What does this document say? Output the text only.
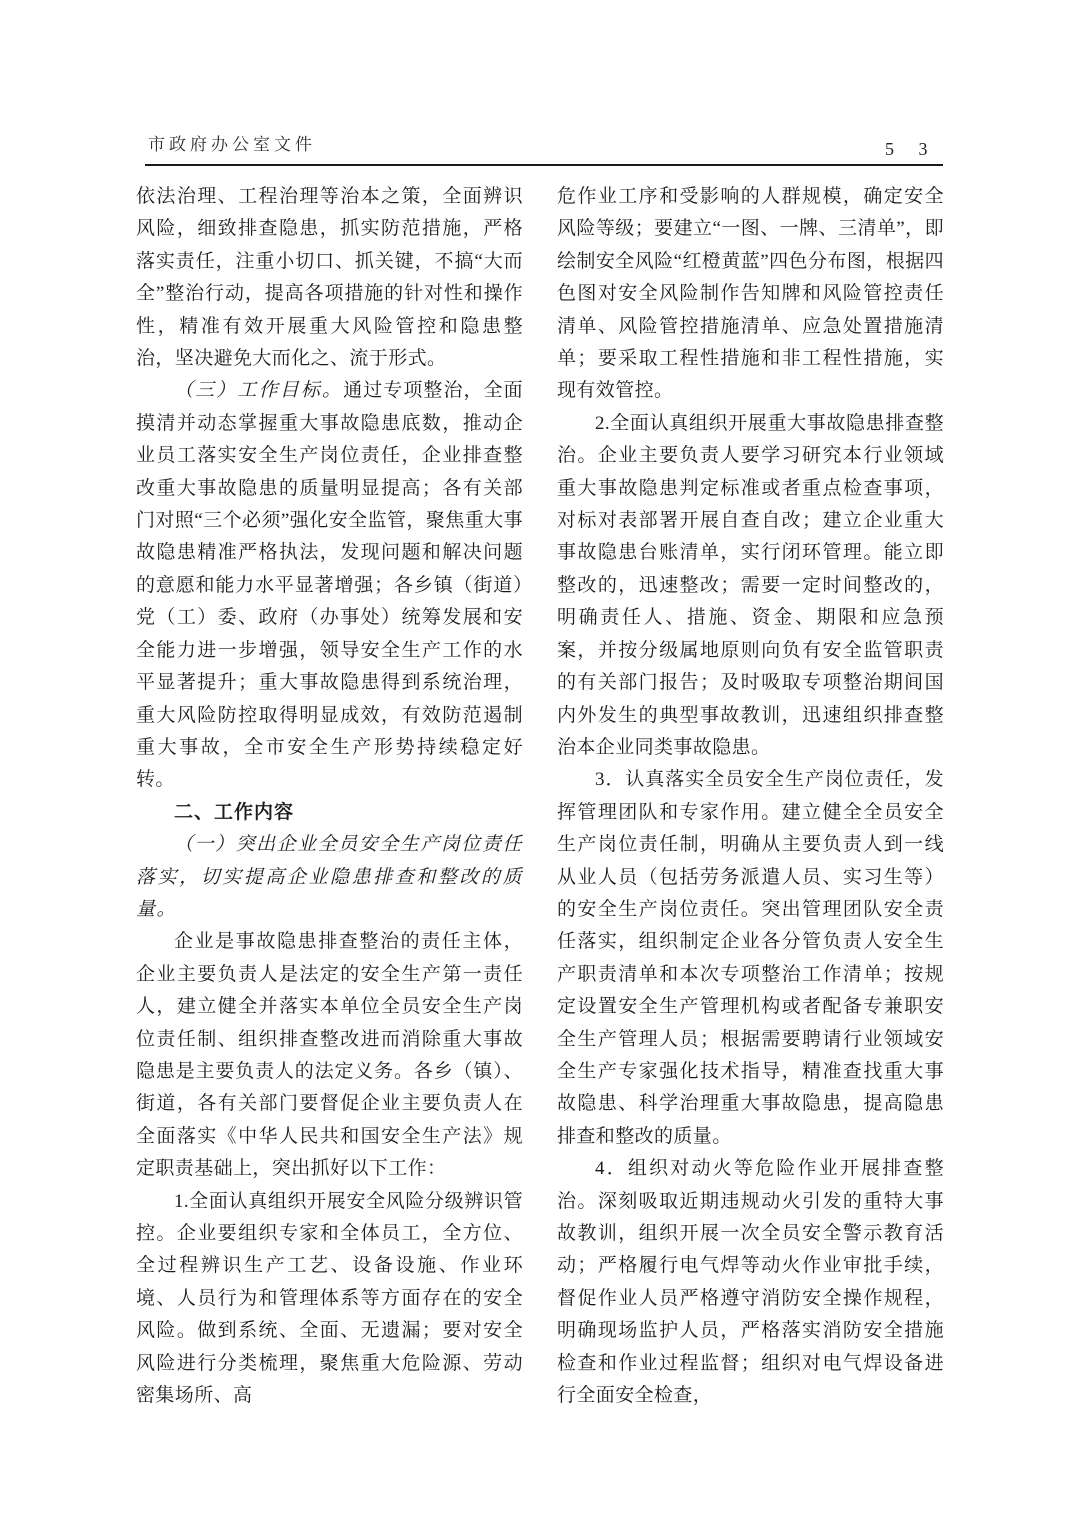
市政府办公室文件	5 3

依法治理、工程治理等治本之策，全面辨识风险，细致排查隐患，抓实防范措施，严格落实责任，注重小切口、抓关键，不搞“大而全”整治行动，提高各项措施的针对性和操作性，精准有效开展重大风险管控和隐患整治，坚决避免大而化之、流于形式。

（三）工作目标。通过专项整治，全面摸清并动态掌握重大事故隐患底数，推动企业员工落实安全生产岗位责任，企业排查整改重大事故隐患的质量明显提高；各有关部门对照“三个必须”强化安全监管，聚焦重大事故隐患精准严格执法，发现问题和解决问题的意愿和能力水平显著增强；各乡镇（街道）党（工）委、政府（办事处）统筹发展和安全能力进一步增强，领导安全生产工作的水平显著提升；重大事故隐患得到系统治理，重大风险防控取得明显成效，有效防范遏制重大事故，全市安全生产形势持续稳定好转。

二、工作内容

（一）突出企业全员安全生产岗位责任落实，切实提高企业隐患排查和整改的质量。

企业是事故隐患排查整治的责任主体，企业主要负责人是法定的安全生产第一责任人，建立健全并落实本单位全员安全生产岗位责任制、组织排查整改进而消除重大事故隐患是主要负责人的法定义务。各乡（镇）、街道，各有关部门要督促企业主要负责人在全面落实《中华人民共和国安全生产法》规定职责基础上，突出抓好以下工作：

1.全面认真组织开展安全风险分级辨识管控。企业要组织专家和全体员工，全方位、全过程辨识生产工艺、设备设施、作业环境、人员行为和管理体系等方面存在的安全风险。做到系统、全面、无遗漏；要对安全风险进行分类梳理，聚焦重大危险源、劳动密集场所、高

危作业工序和受影响的人群规模，确定安全风险等级；要建立“一图、一牌、三清单”，即绘制安全风险“红橙黄蓝”四色分布图，根据四色图对安全风险制作告知牌和风险管控责任清单、风险管控措施清单、应急处置措施清单；要采取工程性措施和非工程性措施，实现有效管控。

2.全面认真组织开展重大事故隐患排查整治。企业主要负责人要学习研究本行业领域重大事故隐患判定标准或者重点检查事项，对标对表部署开展自查自改；建立企业重大事故隐患台账清单，实行闭环管理。能立即整改的，迅速整改；需要一定时间整改的，明确责任人、措施、资金、期限和应急预案，并按分级属地原则向负有安全监管职责的有关部门报告；及时吸取专项整治期间国内外发生的典型事故教训，迅速组织排查整治本企业同类事故隐患。

3．认真落实全员安全生产岗位责任，发挥管理团队和专家作用。建立健全全员安全生产岗位责任制，明确从主要负责人到一线从业人员（包括劳务派遣人员、实习生等）的安全生产岗位责任。突出管理团队安全责任落实，组织制定企业各分管负责人安全生产职责清单和本次专项整治工作清单；按规定设置安全生产管理机构或者配备专兼职安全生产管理人员；根据需要聘请行业领域安全生产专家强化技术指导，精准查找重大事故隐患、科学治理重大事故隐患，提高隐患排查和整改的质量。

4．组织对动火等危险作业开展排查整治。深刻吸取近期违规动火引发的重特大事故教训，组织开展一次全员安全警示教育活动；严格履行电气焊等动火作业审批手续，督促作业人员严格遵守消防安全操作规程，明确现场监护人员，严格落实消防安全措施检查和作业过程监督；组织对电气焊设备进行全面安全检查，
